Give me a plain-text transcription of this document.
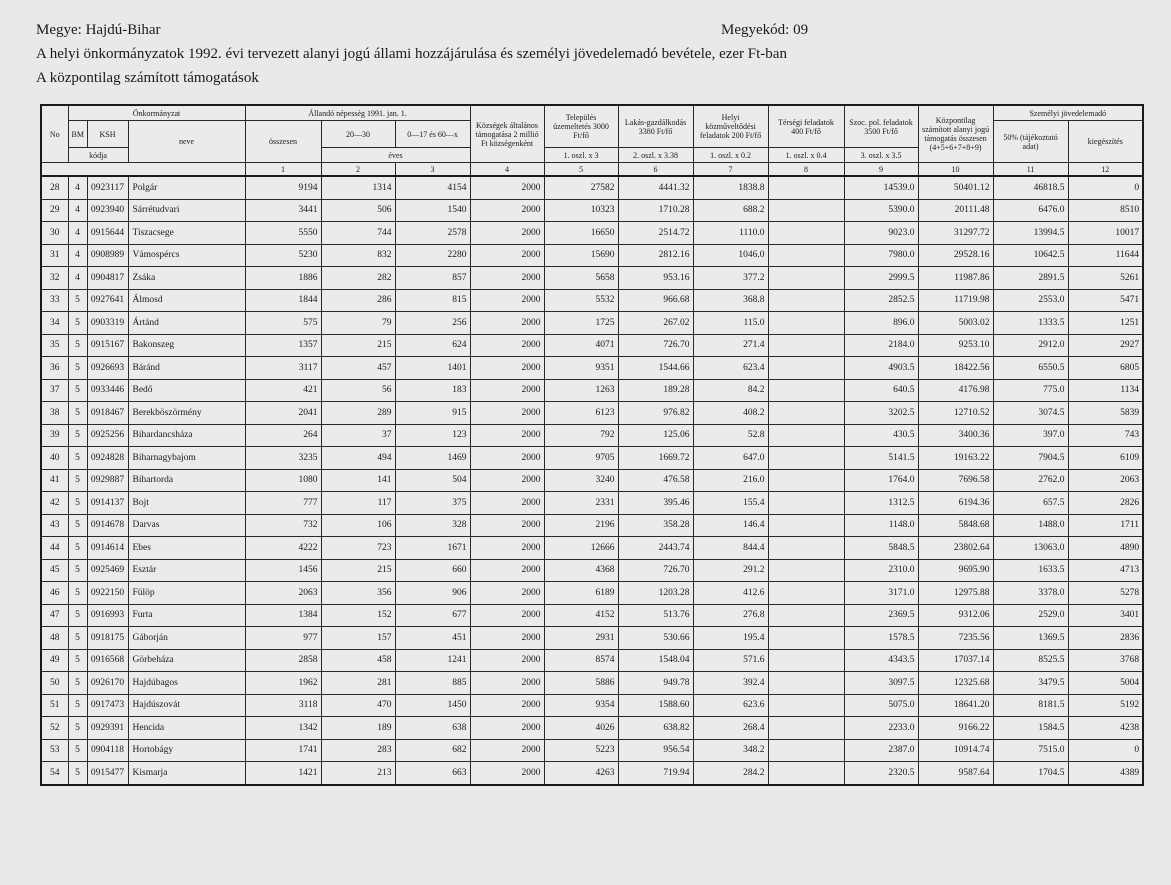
Megye: Hajdú-Bihar	Megyekód: 09
A helyi önkormányzatok 1992. évi tervezett alanyi jogú állami hozzájárulása és személyi jövedelemadó bevétele, ezer Ft-ban
A központilag számított támogatások
No	Önkormányzat			Állandó népesség 1991. jan. 1.			Községek általános támogatása 2 millió Ft községenként	Település üzemeltetés 3000 Ft/fő	Lakás-gazdálkodás 3380 Ft/fő	Helyi közműveltődési feladatok 200 Ft/fő	Térségi feladatok 400 Ft/fő	Szoc. pol. feladatok 3500 Ft/fő	Központilag számított alanyi jogú támogatás összesen (4+5+6+7+8+9)	Személyi jövedelemadó	
	BM	KSH	neve	összesen	20—30	0—17 és 60—x								50% (tájékoztató adat)	kiegészítés
	kódja				éves			1. oszl. x 3	2. oszl. x 3.38	1. oszl. x 0.2	1. oszl. x 0.4	3. oszl. x 3.5			
				1	2	3	4	5	6	7	8	9	10	11	12
28	4	0923117	Polgár	9194	1314	4154	2000	27582	4441.32	1838.8		14539.0	50401.12	46818.5	0
29	4	0923940	Sárrétudvari	3441	506	1540	2000	10323	1710.28	688.2		5390.0	20111.48	6476.0	8510
30	4	0915644	Tiszacsege	5550	744	2578	2000	16650	2514.72	1110.0		9023.0	31297.72	13994.5	10017
31	4	0908989	Vámospércs	5230	832	2280	2000	15690	2812.16	1046.0		7980.0	29528.16	10642.5	11644
32	4	0904817	Zsáka	1886	282	857	2000	5658	953.16	377.2		2999.5	11987.86	2891.5	5261
33	5	0927641	Álmosd	1844	286	815	2000	5532	966.68	368.8		2852.5	11719.98	2553.0	5471
34	5	0903319	Ártánd	575	79	256	2000	1725	267.02	115.0		896.0	5003.02	1333.5	1251
35	5	0915167	Bakonszeg	1357	215	624	2000	4071	726.70	271.4		2184.0	9253.10	2912.0	2927
36	5	0926693	Báránd	3117	457	1401	2000	9351	1544.66	623.4		4903.5	18422.56	6550.5	6805
37	5	0933446	Bedő	421	56	183	2000	1263	189.28	84.2		640.5	4176.98	775.0	1134
38	5	0918467	Berekböszörmény	2041	289	915	2000	6123	976.82	408.2		3202.5	12710.52	3074.5	5839
39	5	0925256	Bihardancsháza	264	37	123	2000	792	125.06	52.8		430.5	3400.36	397.0	743
40	5	0924828	Biharnagybajom	3235	494	1469	2000	9705	1669.72	647.0		5141.5	19163.22	7904.5	6109
41	5	0929887	Bihartorda	1080	141	504	2000	3240	476.58	216.0		1764.0	7696.58	2762.0	2063
42	5	0914137	Bojt	777	117	375	2000	2331	395.46	155.4		1312.5	6194.36	657.5	2826
43	5	0914678	Darvas	732	106	328	2000	2196	358.28	146.4		1148.0	5848.68	1488.0	1711
44	5	0914614	Ebes	4222	723	1671	2000	12666	2443.74	844.4		5848.5	23802.64	13063.0	4890
45	5	0925469	Esztár	1456	215	660	2000	4368	726.70	291.2		2310.0	9695.90	1633.5	4713
46	5	0922150	Fülöp	2063	356	906	2000	6189	1203.28	412.6		3171.0	12975.88	3378.0	5278
47	5	0916993	Furta	1384	152	677	2000	4152	513.76	276.8		2369.5	9312.06	2529.0	3401
48	5	0918175	Gáborján	977	157	451	2000	2931	530.66	195.4		1578.5	7235.56	1369.5	2836
49	5	0916568	Görbeháza	2858	458	1241	2000	8574	1548.04	571.6		4343.5	17037.14	8525.5	3768
50	5	0926170	Hajdúbagos	1962	281	885	2000	5886	949.78	392.4		3097.5	12325.68	3479.5	5004
51	5	0917473	Hajdúszovát	3118	470	1450	2000	9354	1588.60	623.6		5075.0	18641.20	8181.5	5192
52	5	0929391	Hencida	1342	189	638	2000	4026	638.82	268.4		2233.0	9166.22	1584.5	4238
53	5	0904118	Hortobágy	1741	283	682	2000	5223	956.54	348.2		2387.0	10914.74	7515.0	0
54	5	0915477	Kismarja	1421	213	663	2000	4263	719.94	284.2		2320.5	9587.64	1704.5	4389
